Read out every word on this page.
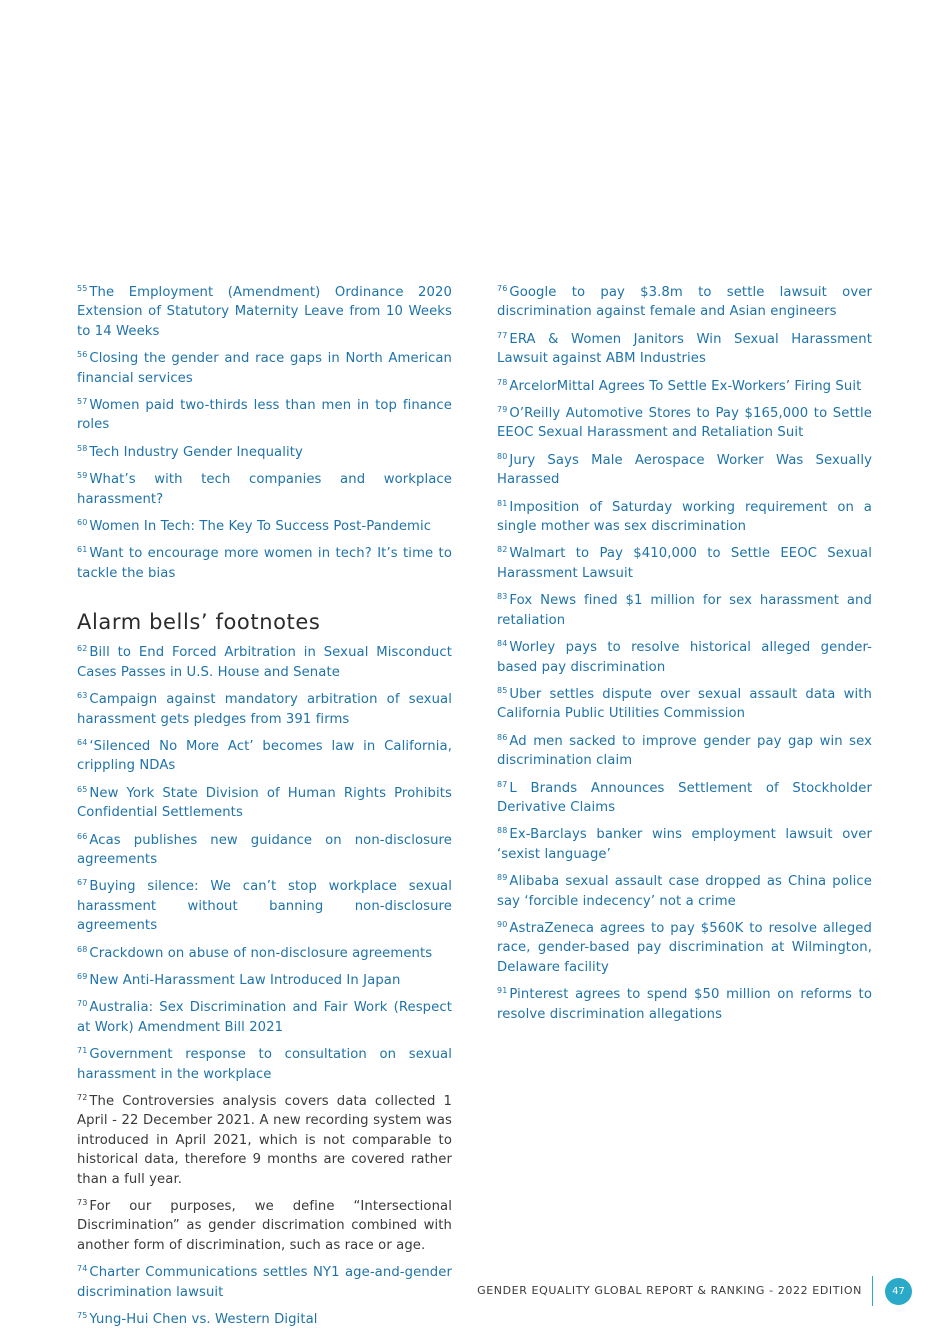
$^{55}$ The Employment (Amendment) Ordinance 2020 Extension of Statutory Maternity Leave from 10 Weeks to 14 Weeks

$^{56}$ Closing the gender and race gaps in North American financial services

$^{57}$ Women paid two-thirds less than men in top finance roles

$^{58}$ Tech Industry Gender Inequality

$^{59}$ What’s with tech companies and workplace harassment?

$^{60}$ Women In Tech: The Key To Success Post-Pandemic

$^{61}$ Want to encourage more women in tech? It’s time to tackle the bias

Alarm bells’ footnotes

$^{62}$ Bill to End Forced Arbitration in Sexual Misconduct Cases Passes in U.S. House and Senate

$^{63}$ Campaign against mandatory arbitration of sexual harassment gets pledges from 391 firms

$^{64}$ ‘Silenced No More Act’ becomes law in California, crippling NDAs

$^{65}$ New York State Division of Human Rights Prohibits Confidential Settlements

$^{66}$ Acas publishes new guidance on non-disclosure agreements

$^{67}$ Buying silence: We can’t stop workplace sexual harassment without banning non-disclosure agreements

$^{68}$ Crackdown on abuse of non-disclosure agreements

$^{69}$ New Anti-Harassment Law Introduced In Japan

$^{70}$ Australia: Sex Discrimination and Fair Work (Respect at Work) Amendment Bill 2021

$^{71}$ Government response to consultation on sexual harassment in the workplace

$^{72}$ The Controversies analysis covers data collected 1 April - 22 December 2021. A new recording system was introduced in April 2021, which is not comparable to historical data, therefore 9 months are covered rather than a full year.

$^{73}$ For our purposes, we define “Intersectional Discrimination” as gender discrimation combined with another form of discrimination, such as race or age.

$^{74}$ Charter Communications settles NY1 age-and-gender discrimination lawsuit

$^{75}$ Yung-Hui Chen vs. Western Digital

$^{76}$ Google to pay $3.8m to settle lawsuit over discrimination against female and Asian engineers

$^{77}$ ERA & Women Janitors Win Sexual Harassment Lawsuit against ABM Industries

$^{78}$ ArcelorMittal Agrees To Settle Ex-Workers’ Firing Suit

$^{79}$ O’Reilly Automotive Stores to Pay $165,000 to Settle EEOC Sexual Harassment and Retaliation Suit

$^{80}$ Jury Says Male Aerospace Worker Was Sexually Harassed

$^{81}$ Imposition of Saturday working requirement on a single mother was sex discrimination

$^{82}$ Walmart to Pay $410,000 to Settle EEOC Sexual Harassment Lawsuit

$^{83}$ Fox News fined $1 million for sex harassment and retaliation

$^{84}$ Worley pays to resolve historical alleged gender-based pay discrimination

$^{85}$ Uber settles dispute over sexual assault data with California Public Utilities Commission

$^{86}$ Ad men sacked to improve gender pay gap win sex discrimination claim

$^{87}$ L Brands Announces Settlement of Stockholder Derivative Claims

$^{88}$ Ex-Barclays banker wins employment lawsuit over ‘sexist language’

$^{89}$ Alibaba sexual assault case dropped as China police say ‘forcible indecency’ not a crime

$^{90}$ AstraZeneca agrees to pay $560K to resolve alleged race, gender-based pay discrimination at Wilmington, Delaware facility

$^{91}$ Pinterest agrees to spend $50 million on reforms to resolve discrimination allegations

GENDER EQUALITY GLOBAL REPORT & RANKING - 2022 EDITION	47
